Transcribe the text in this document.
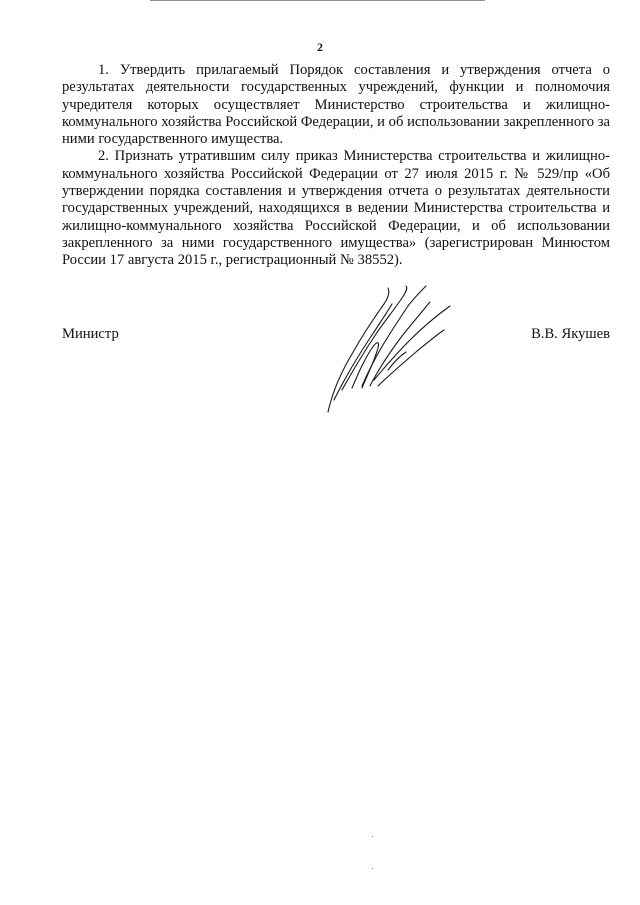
2

1. Утвердить прилагаемый Порядок составления и утверждения отчета о результатах деятельности государственных учреждений, функции и полномочия учредителя которых осуществляет Министерство строительства и жилищно-коммунального хозяйства Российской Федерации, и об использовании закрепленного за ними государственного имущества.

2. Признать утратившим силу приказ Министерства строительства и жилищно-коммунального хозяйства Российской Федерации от 27 июля 2015 г. № 529/пр «Об утверждении порядка составления и утверждения отчета о результатах деятельности государственных учреждений, находящихся в ведении Министерства строительства и жилищно-коммунального хозяйства Российской Федерации, и об использовании закрепленного за ними государственного имущества» (зарегистрирован Минюстом России 17 августа 2015 г., регистрационный № 38552).

Министр	В.В. Якушев
